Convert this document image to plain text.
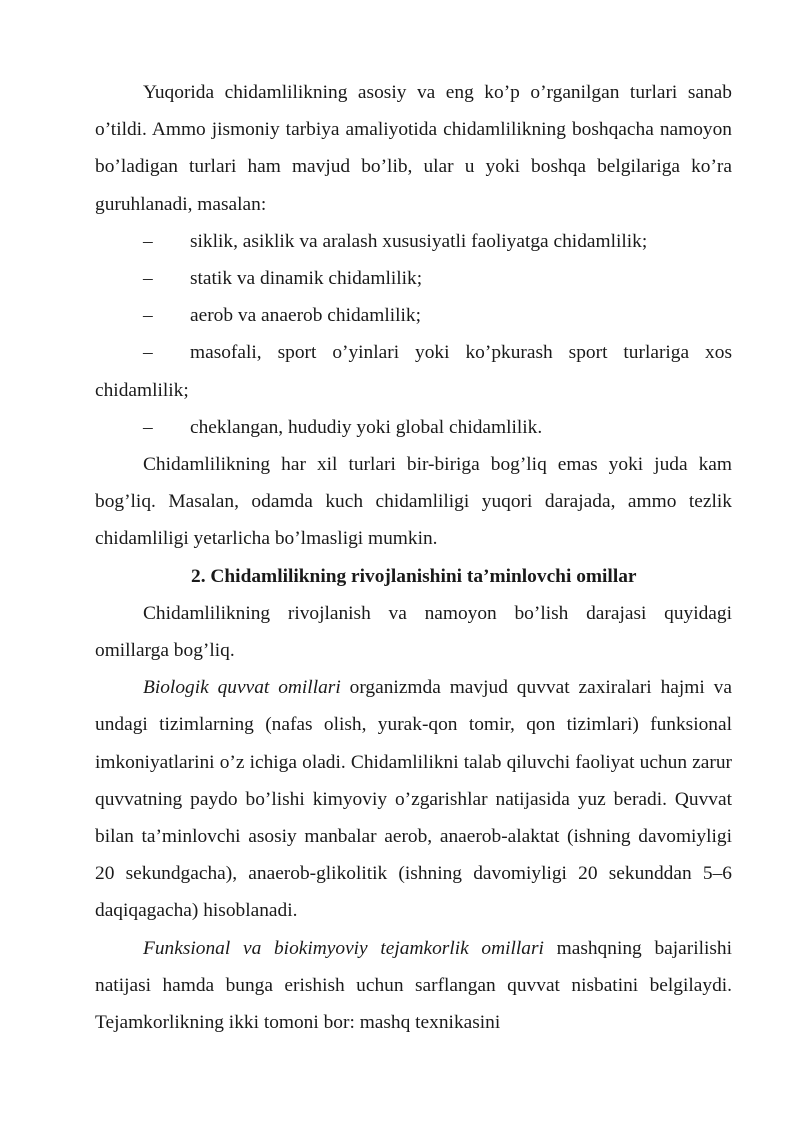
Yuqorida chidamlilikning asosiy va eng ko’p o’rganilgan turlari sanab o’tildi. Ammo jismoniy tarbiya amaliyotida chidamlilikning boshqacha namoyon bo’ladigan turlari ham mavjud bo’lib, ular u yoki boshqa belgilariga ko’ra guruhlanadi, masalan:

– siklik, asiklik va aralash xususiyatli faoliyatga chidamlilik;

– statik va dinamik chidamlilik;

– aerob va anaerob chidamlilik;

– masofali, sport o’yinlari yoki ko’pkurash sport turlariga xos chidamlilik;

– cheklangan, hududiy yoki global chidamlilik.

Chidamlilikning har xil turlari bir-biriga bog’liq emas yoki juda kam bog’liq. Masalan, odamda kuch chidamliligi yuqori darajada, ammo tezlik chidamliligi yetarlicha bo’lmasligi mumkin.

2. Chidamlilikning rivojlanishini ta’minlovchi omillar

Chidamlilikning rivojlanish va namoyon bo’lish darajasi quyidagi omillarga bog’liq.

Biologik quvvat omillari organizmda mavjud quvvat zaxiralari hajmi va undagi tizimlarning (nafas olish, yurak-qon tomir, qon tizimlari) funksional imkoniyatlarini o’z ichiga oladi. Chidamlilikni talab qiluvchi faoliyat uchun zarur quvvatning paydo bo’lishi kimyoviy o’zgarishlar natijasida yuz beradi. Quvvat bilan ta’minlovchi asosiy manbalar aerob, anaerob-alaktat (ishning davomiyligi 20 sekundgacha), anaerob-glikolitik (ishning davomiyligi 20 sekunddan 5–6 daqiqagacha) hisoblanadi.

Funksional va biokimyoviy tejamkorlik omillari mashqning bajarilishi natijasi hamda bunga erishish uchun sarflangan quvvat nisbatini belgilaydi. Tejamkorlikning ikki tomoni bor: mashq texnikasini
